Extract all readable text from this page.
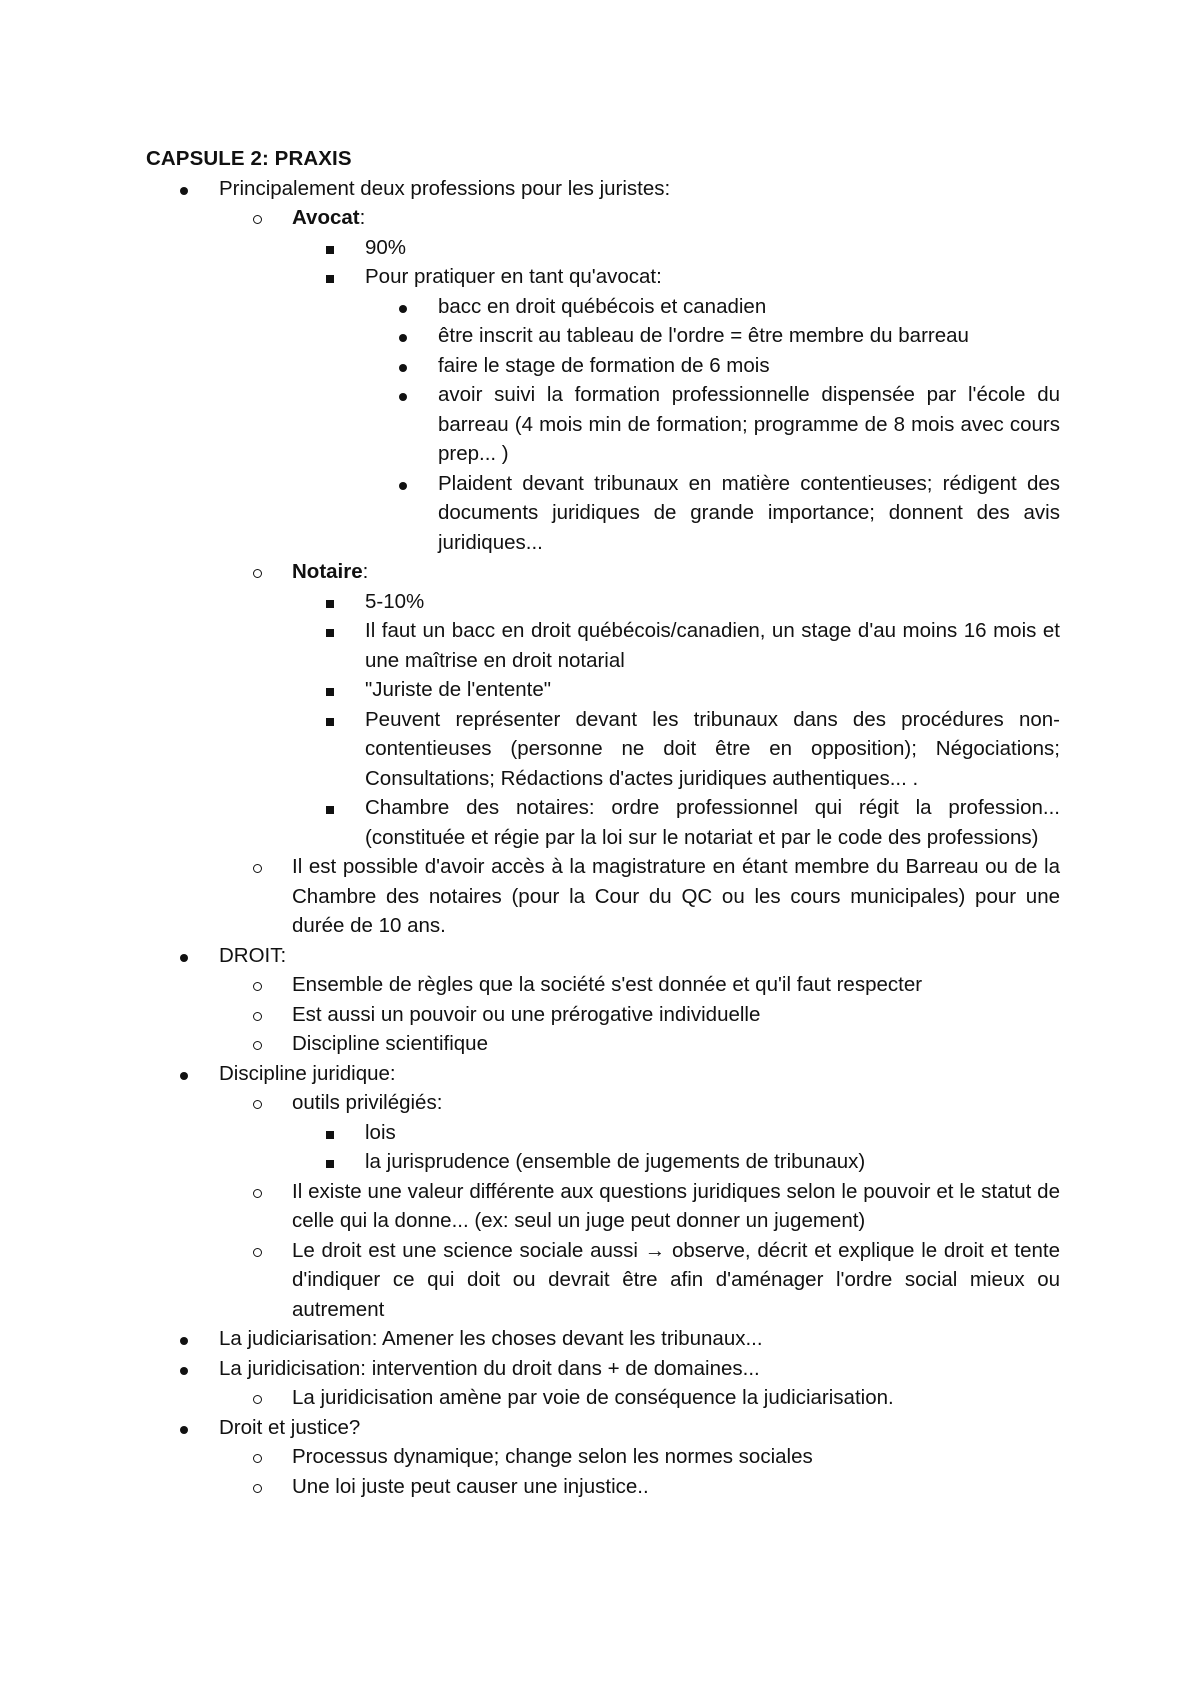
CAPSULE 2: PRAXIS
Principalement deux professions pour les juristes:
Avocat:
90%
Pour pratiquer en tant qu'avocat:
bacc en droit québécois et canadien
être inscrit au tableau de l'ordre = être membre du barreau
faire le stage de formation de 6 mois
avoir suivi la formation professionnelle dispensée par l'école du barreau (4 mois min de formation; programme de 8 mois avec cours prep... )
Plaident devant tribunaux en matière contentieuses; rédigent des documents juridiques de grande importance; donnent des avis juridiques...
Notaire:
5-10%
Il faut un bacc en droit québécois/canadien, un stage d'au moins 16 mois et une maîtrise en droit notarial
"Juriste de l'entente"
Peuvent représenter devant les tribunaux dans des procédures non-contentieuses (personne ne doit être en opposition); Négociations; Consultations; Rédactions d'actes juridiques authentiques... .
Chambre des notaires: ordre professionnel qui régit la profession... (constituée et régie par la loi sur le notariat et par le code des professions)
Il est possible d'avoir accès à la magistrature en étant membre du Barreau ou de la Chambre des notaires (pour la Cour du QC ou les cours municipales) pour une durée de 10 ans.
DROIT:
Ensemble de règles que la société s'est donnée et qu'il faut respecter
Est aussi un pouvoir ou une prérogative individuelle
Discipline scientifique
Discipline juridique:
outils privilégiés:
lois
la jurisprudence (ensemble de jugements de tribunaux)
Il existe une valeur différente aux questions juridiques selon le pouvoir et le statut de celle qui la donne... (ex: seul un juge peut donner un jugement)
Le droit est une science sociale aussi → observe, décrit et explique le droit et tente d'indiquer ce qui doit ou devrait être afin d'aménager l'ordre social mieux ou autrement
La judiciarisation: Amener les choses devant les tribunaux...
La juridicisation: intervention du droit dans + de domaines...
La juridicisation amène par voie de conséquence la judiciarisation.
Droit et justice?
Processus dynamique; change selon les normes sociales
Une loi juste peut causer une injustice..
